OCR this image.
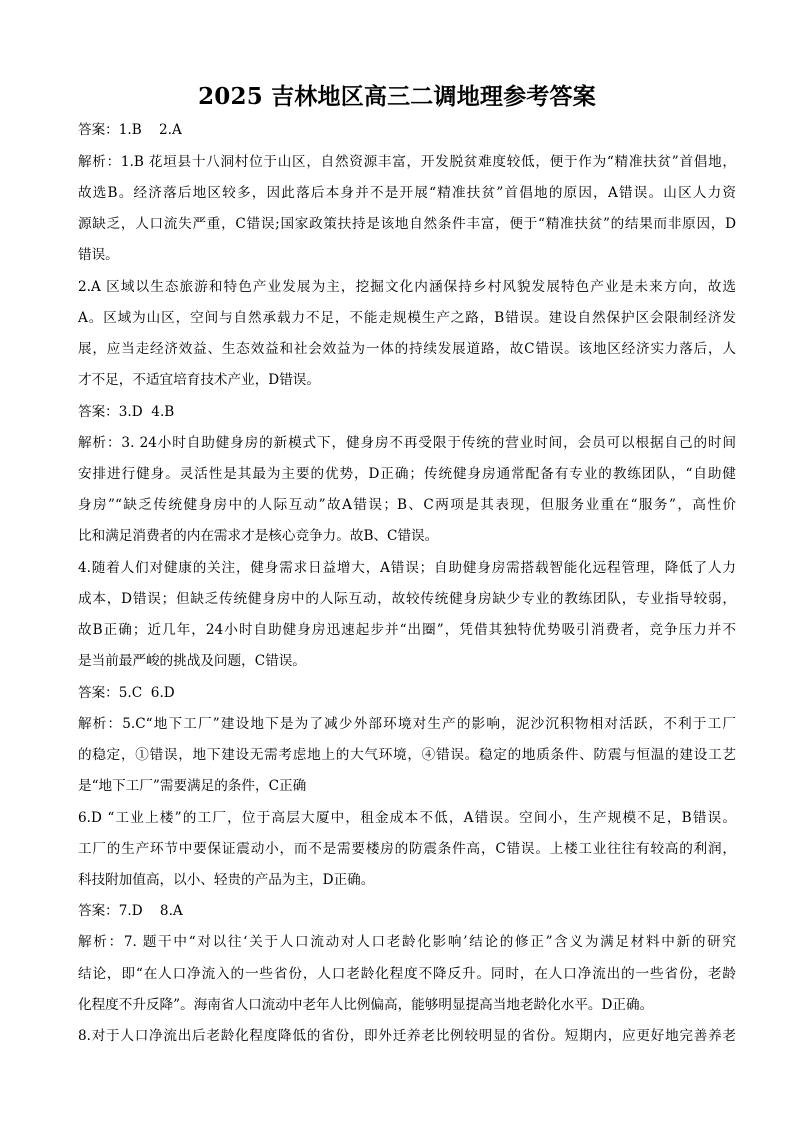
2025 吉林地区高三二调地理参考答案
答案：1.B    2.A
解析：1.B 花垣县十八洞村位于山区，自然资源丰富，开发脱贫难度较低，便于作为“精准扶贫”首倡地，
故选B。经济落后地区较多，因此落后本身并不是开展“精准扶贫”首倡地的原因，A错误。山区人力资
源缺乏，人口流失严重，C错误;国家政策扶持是该地自然条件丰富，便于“精准扶贫”的结果而非原因，D
错误。
2.A 区域以生态旅游和特色产业发展为主，挖掘文化内涵保持乡村风貌发展特色产业是未来方向，故选
A。区域为山区，空间与自然承载力不足，不能走规模生产之路，B错误。建设自然保护区会限制经济发
展，应当走经济效益、生态效益和社会效益为一体的持续发展道路，故C错误。该地区经济实力落后，人
才不足，不适宜培育技术产业，D错误。
答案：3.D  4.B
解析：3. 24小时自助健身房的新模式下，健身房不再受限于传统的营业时间，会员可以根据自己的时间
安排进行健身。灵活性是其最为主要的优势，D正确；传统健身房通常配备有专业的教练团队，“自助健
身房”“缺乏传统健身房中的人际互动”故A错误；B、C两项是其表现，但服务业重在“服务”，高性价
比和满足消费者的内在需求才是核心竞争力。故B、C错误。
4.随着人们对健康的关注，健身需求日益增大，A错误；自助健身房需搭载智能化远程管理，降低了人力
成本，D错误；但缺乏传统健身房中的人际互动，故较传统健身房缺少专业的教练团队，专业指导较弱，
故B正确；近几年，24小时自助健身房迅速起步并“出圈”，凭借其独特优势吸引消费者，竞争压力并不
是当前最严峻的挑战及问题，C错误。
答案：5.C  6.D
解析：5.C“地下工厂”建设地下是为了减少外部环境对生产的影响，泥沙沉积物相对活跃，不利于工厂
的稳定，①错误，地下建设无需考虑地上的大气环境，④错误。稳定的地质条件、防震与恒温的建设工艺
是“地下工厂”需要满足的条件，C正确
6.D “工业上楼”的工厂，位于高层大厦中，租金成本不低，A错误。空间小，生产规模不足，B错误。
工厂的生产环节中要保证震动小，而不是需要楼房的防震条件高，C错误。上楼工业往往有较高的利润，
科技附加值高，以小、轻贵的产品为主，D正确。
答案：7.D    8.A
解析：7. 题干中“对以往‘关于人口流动对人口老龄化影响’结论的修正”含义为满足材料中新的研究
结论，即“在人口净流入的一些省份，人口老龄化程度不降反升。同时，在人口净流出的一些省份，老龄
化程度不升反降”。海南省人口流动中老年人比例偏高，能够明显提高当地老龄化水平。D正确。
8.对于人口净流出后老龄化程度降低的省份，即外迁养老比例较明显的省份。短期内，应更好地完善养老
